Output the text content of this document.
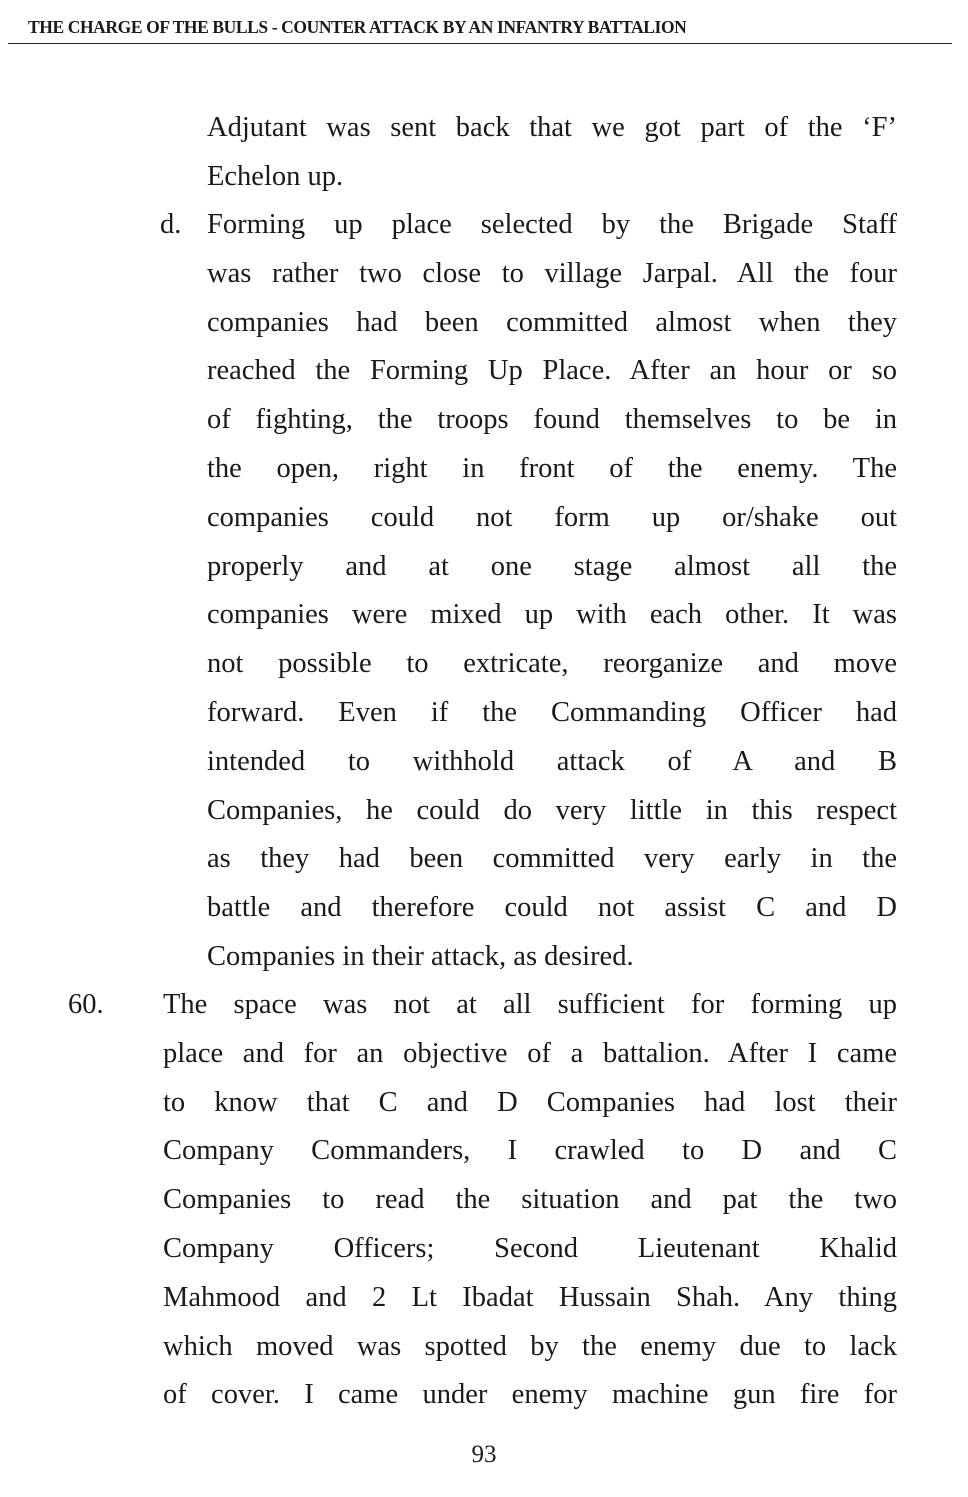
THE CHARGE OF THE BULLS - COUNTER ATTACK BY AN INFANTRY BATTALION
Adjutant was sent back that we got part of the ‘F’
Echelon up.
d. Forming up place selected by the Brigade Staff
was rather two close to village Jarpal. All the four
companies had been committed almost when they
reached the Forming Up Place. After an hour or so
of fighting, the troops found themselves to be in
the open, right in front of the enemy. The
companies could not form up or/shake out
properly and at one stage almost all the
companies were mixed up with each other. It was
not possible to extricate, reorganize and move
forward. Even if the Commanding Officer had
intended to withhold attack of A and B
Companies, he could do very little in this respect
as they had been committed very early in the
battle and therefore could not assist C and D
Companies in their attack, as desired.
60. The space was not at all sufficient for forming up
place and for an objective of a battalion. After I came
to know that C and D Companies had lost their
Company Commanders, I crawled to D and C
Companies to read the situation and pat the two
Company Officers; Second Lieutenant Khalid
Mahmood and 2 Lt Ibadat Hussain Shah. Any thing
which moved was spotted by the enemy due to lack
of cover. I came under enemy machine gun fire for
93
